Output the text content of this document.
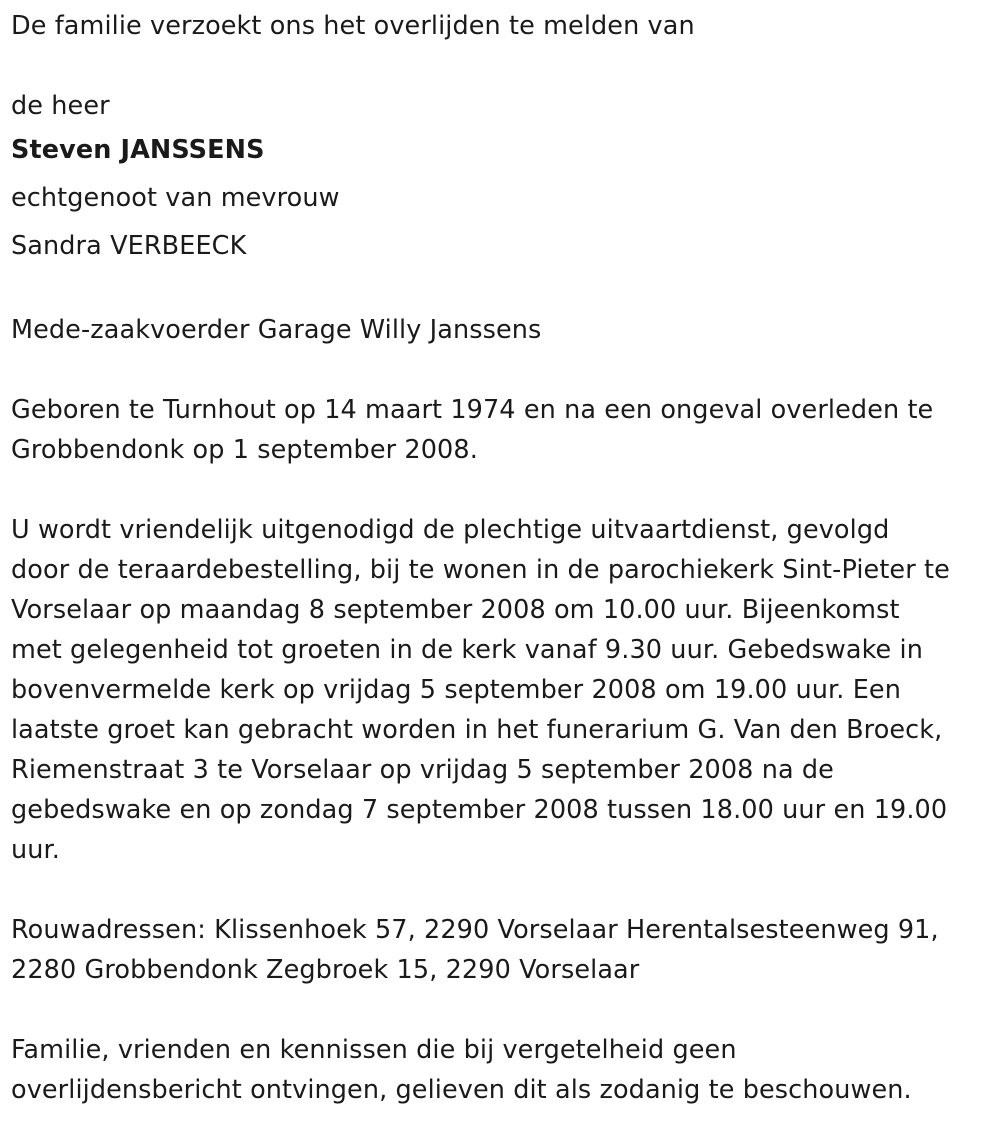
De familie verzoekt ons het overlijden te melden van
de heer
Steven JANSSENS
echtgenoot van mevrouw
Sandra VERBEECK
Mede-zaakvoerder Garage Willy Janssens
Geboren te Turnhout op 14 maart 1974 en na een ongeval overleden te
Grobbendonk op 1 september 2008.
U wordt vriendelijk uitgenodigd de plechtige uitvaartdienst, gevolgd
door de teraardebestelling, bij te wonen in de parochiekerk Sint-Pieter te
Vorselaar op maandag 8 september 2008 om 10.00 uur. Bijeenkomst
met gelegenheid tot groeten in de kerk vanaf 9.30 uur. Gebedswake in
bovenvermelde kerk op vrijdag 5 september 2008 om 19.00 uur. Een
laatste groet kan gebracht worden in het funerarium G. Van den Broeck,
Riemenstraat 3 te Vorselaar op vrijdag 5 september 2008 na de
gebedswake en op zondag 7 september 2008 tussen 18.00 uur en 19.00
uur.
Rouwadressen: Klissenhoek 57, 2290 Vorselaar Herentalsesteenweg 91,
2280 Grobbendonk Zegbroek 15, 2290 Vorselaar
Familie, vrienden en kennissen die bij vergetelheid geen
overlijdensbericht ontvingen, gelieven dit als zodanig te beschouwen.
